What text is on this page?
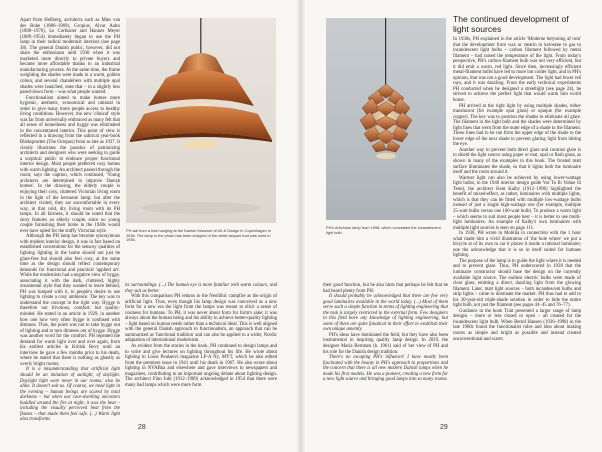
Apart from Hellberg, architects such as Mies van der Rohe (1886–1969), Gropius, Alvar Aalto (1898–1976), Le Corbusier and Hannes Meyer (1889–1954) immediately began to use the PH lamp in their radical modernist interiors (see page 38). The general Danish public, however, did not share the enthusiasm until 1930 when it was marketed more directly to private buyers and became more affordable thanks to an industrial manufacturing process. At the same time, the frame weighting the shades were made in a warm, golden colour, and several chandeliers with multiple opal shades were launched, ones that – in a slightly less pared-down form – was what people wanted.

Functionalism aimed to make homes more hygienic, aesthetic, economical and rational in order to give many more people access to healthy living conditions. However, the new 'clinical' style was far from universally embraced as many felt that all sense of homeliness and hygge was eliminated in the concentrated interior. This point of view is reflected in a drawing from the satirical year-book Blæksprutten (The Octopus) from as late as 1937. It clearly illustrates the paradox of patronizing architects and designers who were seeking to guide a sceptical public to embrace proper functional interior design. Most people preferred cosy homes with warm lighting. An architect passed through the room; says the caption, which continued, 'Young architects are determined to improve Danish homes'. In the drawing, the elderly couple is enjoying their cosy, cluttered Victorian living room in the light of the kerosene lamp; but after the architect visited, they sat uncomfortable in every way, in that cold, dry living room with its PH lamps. In all fairness, it should be noted that the story features an elderly couple, since no young couple furnishing their home in the 1940s would ever have opted for the stuffy Victorian style.

Although the PH lamp has become synonymous with modern interior design, it was in fact based on established conventions for the sensory qualities of lighting lighting in the home should not just be glare-free but should also feel cosy, at the same time as the design should reflect contemporary demands for functional and practical 'applied art'. While the modernists had a negative view of hygge, associating it with the dark, cluttered, highly ornamental style that they wanted to leave behind, PH was lumped with it, to people's desire to use lighting to create a cosy ambience. The key was to understand the concept in the right way. Hygge is therefore not frivolous, comfort; but quality-minded. He stated in an article in 1929, in another how one how very often hygge is confused with dimness. Thus, the point was not to take hygge out of lighting and to turn dimness out of hygge. Hygge was another word for the comfort. PH repeated the demand for warm light over and over again, from his earliest articles in Kritisk Revy until an interview he gave a few months prior to his death, where he stated that there is nothing as ghastly as overly bright rooms:

It is a misunderstanding that artificial light should be an imitation of sunlight, of daylight. Daylight light were never in our rooms; also be alike. It doesn't suit us. Of course, we need light in the evening – human beings are scared by total darkness – but when our cave-dwelling ancestors huddled around the fire at night, it was the heat – including the visually perceived heat from the flames – that made them feel safe. (...) Warm light also transforms

PH-lab from a trial hanging at the Danish Museum of Art & Design in Copenhagen in 1936. The lamp in the photo has been stripped of the white lacquer that was used in 1935.

its surroundings. (...) The human eye is more familiar with warm colours, and they suit us better.

With this comparison PH returns to the Neolithic campfire as the origin of artificial light. Thus, even though his lamp design was conceived as a new form for a new era the light from the lamps was meant to elicit a sense of cosiness for humans. To PH, it was never about form for form's sake; it was always about the human being and his ability to achieve better-quality lighting – light based on human needs rather than a technical ideal. This is well aligned with the general Danish approach to functionalism, an approach that can be summarized as 'functional tradition' and can also be applied to a wider, Nordic adaptation of international modernism.

As evident from the stories in the book, PH continued to design lamps and to write and give lectures on lighting throughout his life. He wrote about lighting in Louis Poulsen's magazine LP-A Ny, MYT, which he also edited from the premiere issue in 1941 until his death in 1967. He also wrote about lighting in NVABna and elsewhere and gave interviews to newspapers and magazines, contributing to an important ongoing debate about lighting design. The architect Finn Juhl (1912–1989) acknowledged in 1954 that there were many bad lamps which were more form

28	29
PH's Artichoke lamp from 1958, which concealed the incandescent light bulb.

their good function, but he also hints that perhaps he felt that he had heard plenty from PH:

It should probably be acknowledged that there are few very good luminaires available in the world today. (...) Most of them serve such a simple function in terms of lighting engineering that the task is largely restricted to the external form. Few designers in this field have any knowledge of lighting engineering, but some of them are quite fanatical in their effort to establish their own unique amenity.

PH's ideas have dominated the field, but they have also been instrumental in inspiring quality lamp design. In 2019, the designer Maria Berntsen (b. 1961) said of her view of PH and his role for the Danish design tradition:

There's no escaping PH's influence! I have mostly been fascinated with the beauty in PH's approach to proportions and the concern that there is all new modern Danish lamps when he made his first models. He was a pioneer, creating a new form for a new light source and bringing good lamps into so many rooms.

The continued development of light sources

In 1930s, PH explained in the article 'Moderne belysning af rum' that the development from wax or stearin to kerosene to gas to incandescent light bulbs – carbon filament followed by metal filament – had raised the temperature of the light. From today's perspective, PH's carbon-filament bulb was not very efficient, but it did emit a warm, red light. Since then, increasingly efficient metal-filament bulbs have led to more but colder light, and in PH's opinion, that was not a good development. The light had fewer red rays, and it was dazzling. From the early technical experiments PH conducted when he designed a streetlight (see page 24), he strived to achieve the perfect light that would warm him world home.

PH arrived at the right light by using multiple shades, either translucent (for example opal glass) or opaque (for example copper). The key was to position the shades to eliminate all glare. The filament in the light bulb and the shades were determined by light lines that went from the outer edge of a shade to the filament. These lines had to be run from the upper edge of the shade to the lower edge of the next shade to prevent glaring light from hitting the eye.

Another way to prevent both direct glare and contrast glare is to shield the light source using paper or mat, opal or flash glass, as shown in many of the examples in this book. The frosted matt surface illuminates the shade, so that it lights both the luminaire itself and the room around it.

Warmer light can also be achieved by using lower-wattage light bulbs; in the 1940 interior design guide Vor To Ib Vohne til Tenn), the architect Kent Kalby (1912–1996) highlighted the benefit of mixed-effect, as rather, luminaires with multiple lights, which is that they can be fitted with multiple low-wattage bulbs instead of just a single high-wattage one (for example, multiple 25-watt bulbs versus one 100-watt bulb). To produce a warm light – which seems to suit most people best – it is better to use multi-light luminaires. An example of Kalby's own luminaires with multiple light sources is seen on page 111.

In 1938, PH wrote in Mobilia in connection with the 1 hour what made him a vivid illustration of 'the hole where' we put a bicycle at of its own to car it places it inside a rational luminaire; one the acknowledge that it is so in itself suited for humans lighting.

The purpose of the lamp is to guide the light where it is needed and to prevent glare. Thus, PH underscored in 1938 that the luminaire constructor should base the design on the currently available light source. The earliest electric bulbs were made of clear glass, emitting a direct, dazzling light from the glowing filament. Later, matt light sources – both incandescent bulbs and strip lights – came to dominate the market. PH thus had to add to his 30-year-old triple-shade solution in order to hide the entire light bulb, not just the filament (see pages 44–45 and 76–77).

Guidance in the book Trait presented a larger range of lamp designs – more or less closed or open – all created for the incandescent light bulb. When Bernd Hansen (1936–1998) in the late 1960s found the functionalist rules and idea about making rooms as simple and bright as possible and instead created unconventional and warm
